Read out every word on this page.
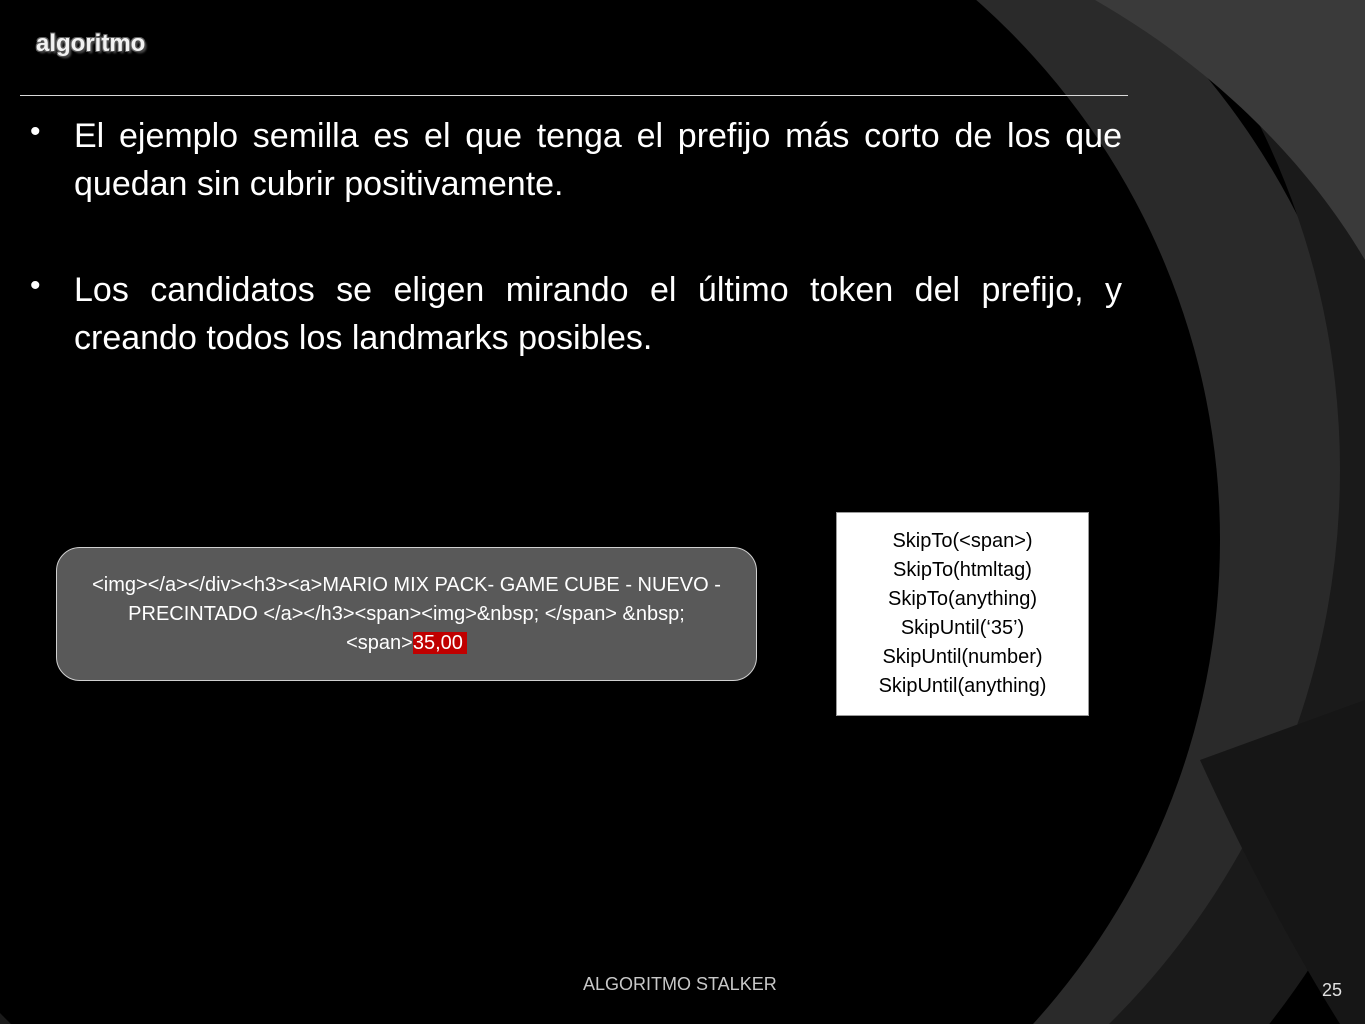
algoritmo
• El ejemplo semilla es el que tenga el prefijo más corto de los que quedan sin cubrir positivamente.
• Los candidatos se eligen mirando el último token del prefijo, y creando todos los landmarks posibles.
<img></a></div><h3><a>MARIO MIX PACK- GAME CUBE - NUEVO - PRECINTADO </a></h3><span><img>&nbsp; </span> &nbsp;<span>35,00
SkipTo(<span>)
SkipTo(htmltag)
SkipTo(anything)
SkipUntil(‘35’)
SkipUntil(number)
SkipUntil(anything)
ALGORITMO STALKER	25
